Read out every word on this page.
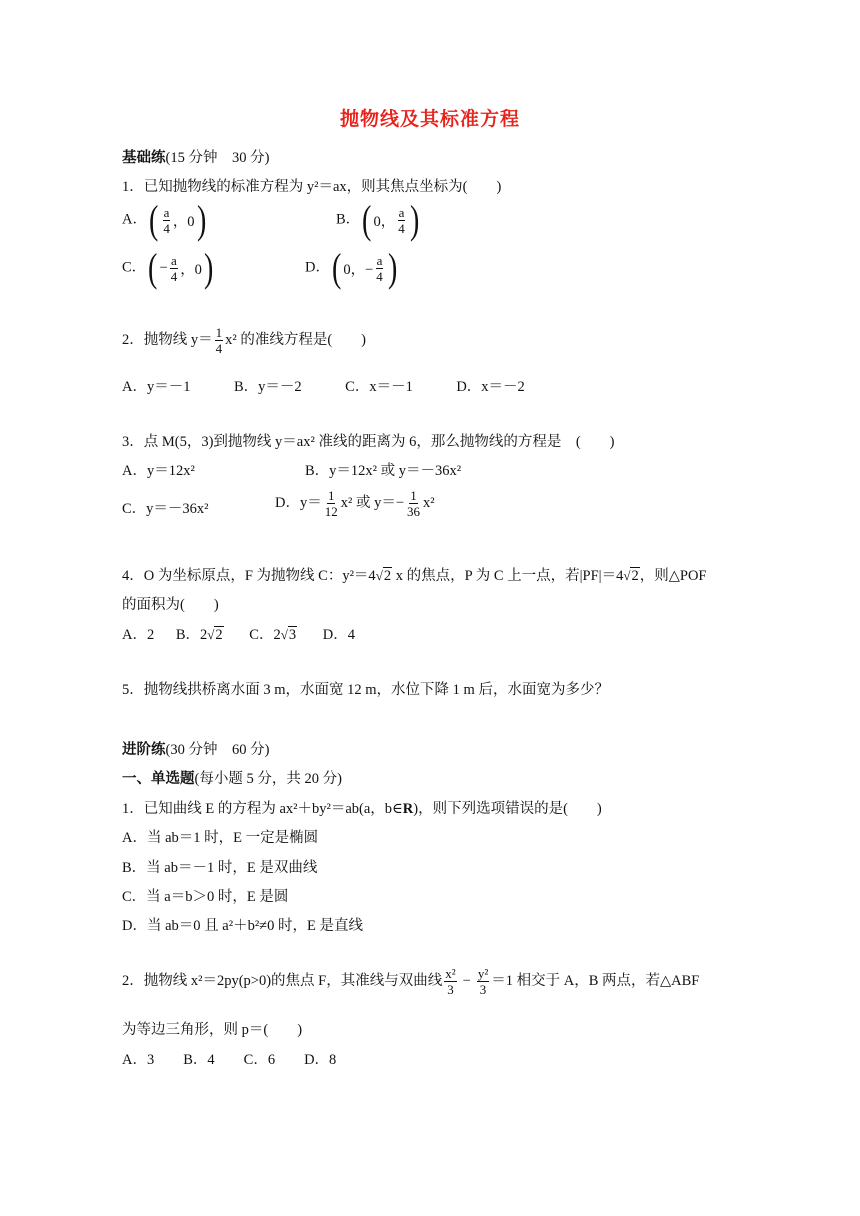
抛物线及其标准方程
基础练(15 分钟　30 分)
1．已知抛物线的标准方程为 y²＝ax，则其焦点坐标为(　　)
A． ( $\frac{a}{4}$ ，0 )	B． ( 0， $\frac{a}{4}$ )
C． ( − $\frac{a}{4}$ ，0 )	D． ( 0，− $\frac{a}{4}$ )
2．抛物线 $y= \frac{1}{4} x^2$ 的准线方程是(　　)
A．y＝－1　　　B．y＝－2　　　C．x＝－1　　　D．x＝－2
3．点 M(5，3)到抛物线 y＝ax² 准线的距离为 6，那么抛物线的方程是　(　　)
A．y＝12x²	B．y＝12x² 或 y＝－36x²
C．y＝－36x²	D．$y= \frac{1}{12} x^2$ 或 $y=- \frac{1}{36} x^2$
4．O 为坐标原点，F 为抛物线 C：y²＝4√2 x 的焦点，P 为 C 上一点，若|PF|＝4√2，则△POF
的面积为(　　)
A．2 B．2√2 C．2√3 D．4
5．抛物线拱桥离水面 3 m，水面宽 12 m，水位下降 1 m 后，水面宽为多少？
进阶练(30 分钟　60 分)
一、单选题(每小题 5 分，共 20 分)
1．已知曲线 E 的方程为 ax²＋by²＝ab(a，b∈R)，则下列选项错误的是(　　)
A．当 ab＝1 时，E 一定是椭圆
B．当 ab＝－1 时，E 是双曲线
C．当 a＝b＞0 时，E 是圆
D．当 ab＝0 且 a²＋b²≠0 时，E 是直线
2．抛物线 x²＝2py(p>0)的焦点 F，其准线与双曲线 $\frac{\text{x²}}{3} - \frac{\text{y²}}{3} =1$ 相交于 A，B 两点，若△ABF
为等边三角形，则 p＝(　　)
A．3　　B．4　　C．6　　D．8
